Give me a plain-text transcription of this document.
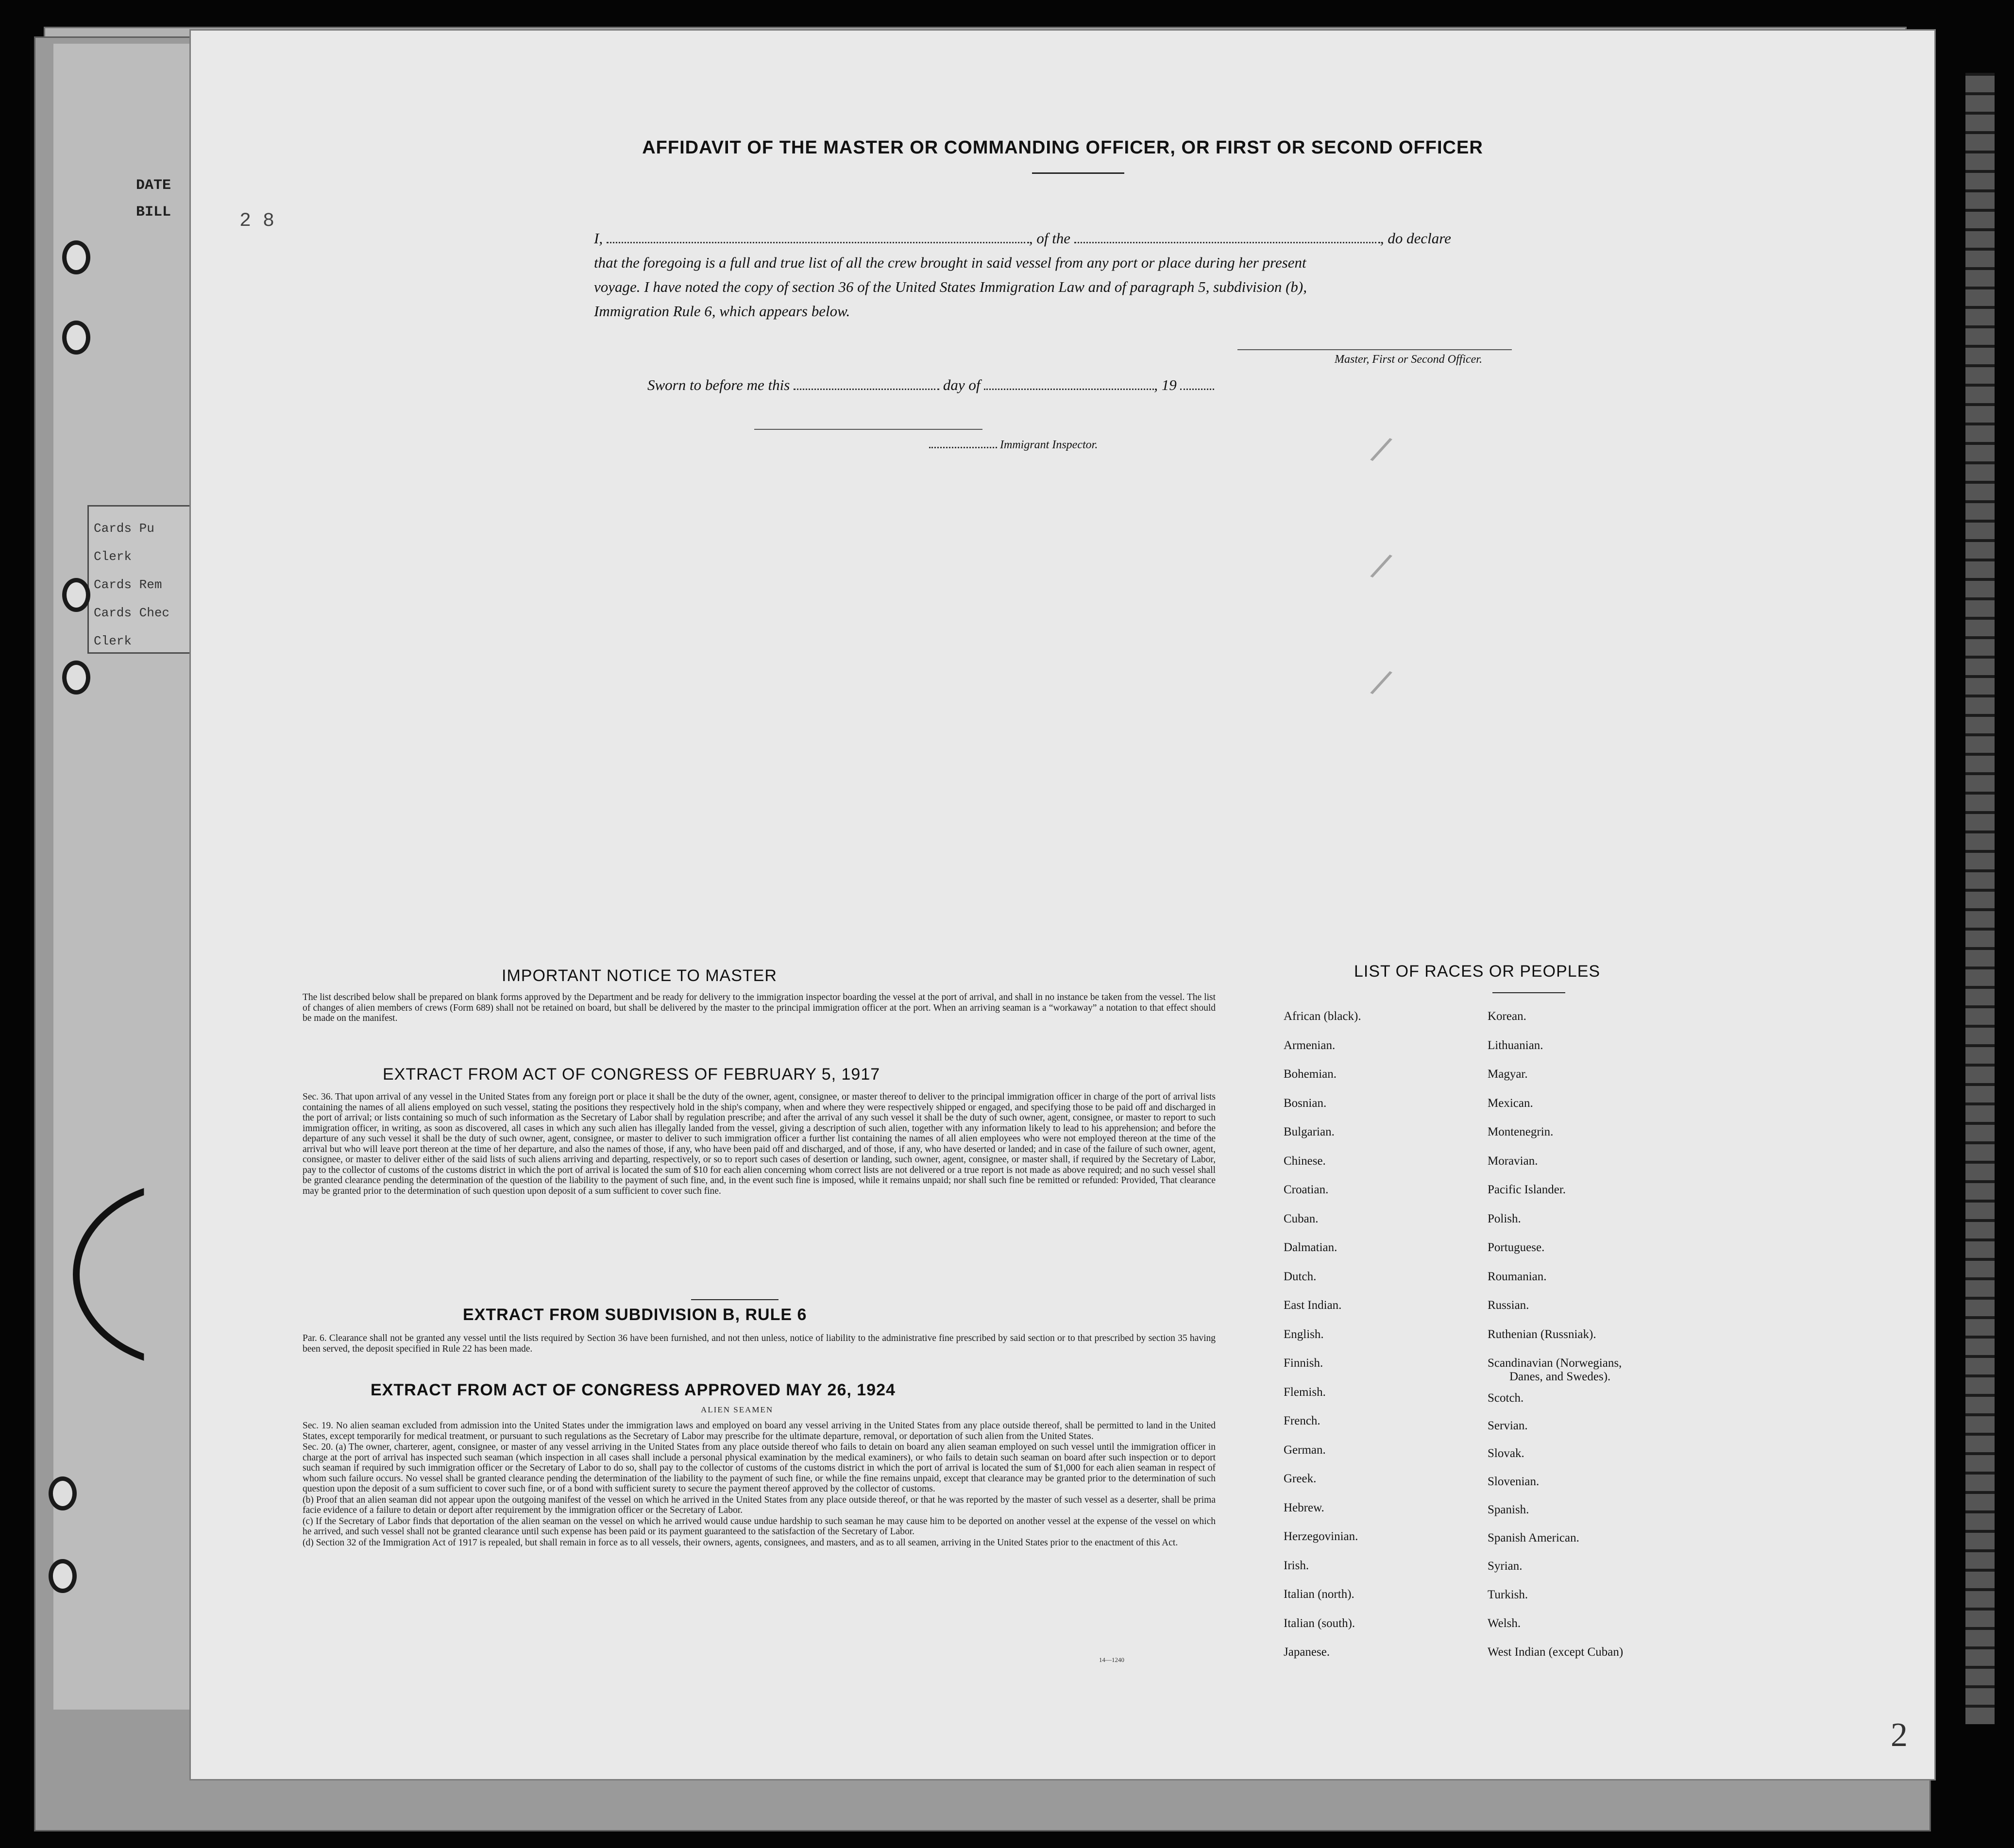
DATE
BILL
Cards Pu
Clerk
Cards Rem
Cards Chec
Clerk
2 8
AFFIDAVIT OF THE MASTER OR COMMANDING OFFICER, OR FIRST OR SECOND OFFICER
I,	, of the	, do declare
that the foregoing is a full and true list of all the crew brought in said vessel from any port or place during her present
voyage. I have noted the copy of section 36 of the United States Immigration Law and of paragraph 5, subdivision (b),
Immigration Rule 6, which appears below.
Master, First or Second Officer.
Sworn to before me this	day of	, 19
Immigrant Inspector.	/
/
/
IMPORTANT NOTICE TO MASTER

The list described below shall be prepared on blank forms approved by the Department and be ready for delivery to the immigration inspector boarding the vessel at the port of arrival, and shall in no instance be taken from the vessel. The list of changes of alien members of crews (Form 689) shall not be retained on board, but shall be delivered by the master to the principal immigration officer at the port. When an arriving seaman is a “workaway” a notation to that effect should be made on the manifest.

EXTRACT FROM ACT OF CONGRESS OF FEBRUARY 5, 1917

Sec. 36. That upon arrival of any vessel in the United States from any foreign port or place it shall be the duty of the owner, agent, consignee, or master thereof to deliver to the principal immigration officer in charge of the port of arrival lists containing the names of all aliens employed on such vessel, stating the positions they respectively hold in the ship's company, when and where they were respectively shipped or engaged, and specifying those to be paid off and discharged in the port of arrival; or lists containing so much of such information as the Secretary of Labor shall by regulation prescribe; and after the arrival of any such vessel it shall be the duty of such owner, agent, consignee, or master to report to such immigration officer, in writing, as soon as discovered, all cases in which any such alien has illegally landed from the vessel, giving a description of such alien, together with any information likely to lead to his apprehension; and before the departure of any such vessel it shall be the duty of such owner, agent, consignee, or master to deliver to such immigration officer a further list containing the names of all alien employees who were not employed thereon at the time of the arrival but who will leave port thereon at the time of her departure, and also the names of those, if any, who have been paid off and discharged, and of those, if any, who have deserted or landed; and in case of the failure of such owner, agent, consignee, or master to deliver either of the said lists of such aliens arriving and departing, respectively, or so to report such cases of desertion or landing, such owner, agent, consignee, or master shall, if required by the Secretary of Labor, pay to the collector of customs of the customs district in which the port of arrival is located the sum of $10 for each alien concerning whom correct lists are not delivered or a true report is not made as above required; and no such vessel shall be granted clearance pending the determination of the question of the liability to the payment of such fine, and, in the event such fine is imposed, while it remains unpaid; nor shall such fine be remitted or refunded: Provided, That clearance may be granted prior to the determination of such question upon deposit of a sum sufficient to cover such fine.

EXTRACT FROM SUBDIVISION B, RULE 6

Par. 6. Clearance shall not be granted any vessel until the lists required by Section 36 have been furnished, and not then unless, notice of liability to the administrative fine prescribed by said section or to that prescribed by section 35 having been served, the deposit specified in Rule 22 has been made.

EXTRACT FROM ACT OF CONGRESS APPROVED MAY 26, 1924
ALIEN SEAMEN

Sec. 19. No alien seaman excluded from admission into the United States under the immigration laws and employed on board any vessel arriving in the United States from any place outside thereof, shall be permitted to land in the United States, except temporarily for medical treatment, or pursuant to such regulations as the Secretary of Labor may prescribe for the ultimate departure, removal, or deportation of such alien from the United States.

Sec. 20. (a) The owner, charterer, agent, consignee, or master of any vessel arriving in the United States from any place outside thereof who fails to detain on board any alien seaman employed on such vessel until the immigration officer in charge at the port of arrival has inspected such seaman (which inspection in all cases shall include a personal physical examination by the medical examiners), or who fails to detain such seaman on board after such inspection or to deport such seaman if required by such immigration officer or the Secretary of Labor to do so, shall pay to the collector of customs of the customs district in which the port of arrival is located the sum of $1,000 for each alien seaman in respect of whom such failure occurs. No vessel shall be granted clearance pending the determination of the liability to the payment of such fine, or while the fine remains unpaid, except that clearance may be granted prior to the determination of such question upon the deposit of a sum sufficient to cover such fine, or of a bond with sufficient surety to secure the payment thereof approved by the collector of customs.

(b) Proof that an alien seaman did not appear upon the outgoing manifest of the vessel on which he arrived in the United States from any place outside thereof, or that he was reported by the master of such vessel as a deserter, shall be prima facie evidence of a failure to detain or deport after requirement by the immigration officer or the Secretary of Labor.

(c) If the Secretary of Labor finds that deportation of the alien seaman on the vessel on which he arrived would cause undue hardship to such seaman he may cause him to be deported on another vessel at the expense of the vessel on which he arrived, and such vessel shall not be granted clearance until such expense has been paid or its payment guaranteed to the satisfaction of the Secretary of Labor.

(d) Section 32 of the Immigration Act of 1917 is repealed, but shall remain in force as to all vessels, their owners, agents, consignees, and masters, and as to all seamen, arriving in the United States prior to the enactment of this Act.

14—1240
LIST OF RACES OR PEOPLES
African (black).
Armenian.
Bohemian.
Bosnian.
Bulgarian.
Chinese.
Croatian.
Cuban.
Dalmatian.
Dutch.
East Indian.
English.
Finnish.
Flemish.
French.
German.
Greek.
Hebrew.
Herzegovinian.
Irish.
Italian (north).
Italian (south).
Japanese.
Korean.
Lithuanian.
Magyar.
Mexican.
Montenegrin.
Moravian.
Pacific Islander.
Polish.
Portuguese.
Roumanian.
Russian.
Ruthenian (Russniak).
Scandinavian (Norwegians,
Danes, and Swedes).
Scotch.
Servian.
Slovak.
Slovenian.
Spanish.
Spanish American.
Syrian.
Turkish.
Welsh.
West Indian (except Cuban)
2
